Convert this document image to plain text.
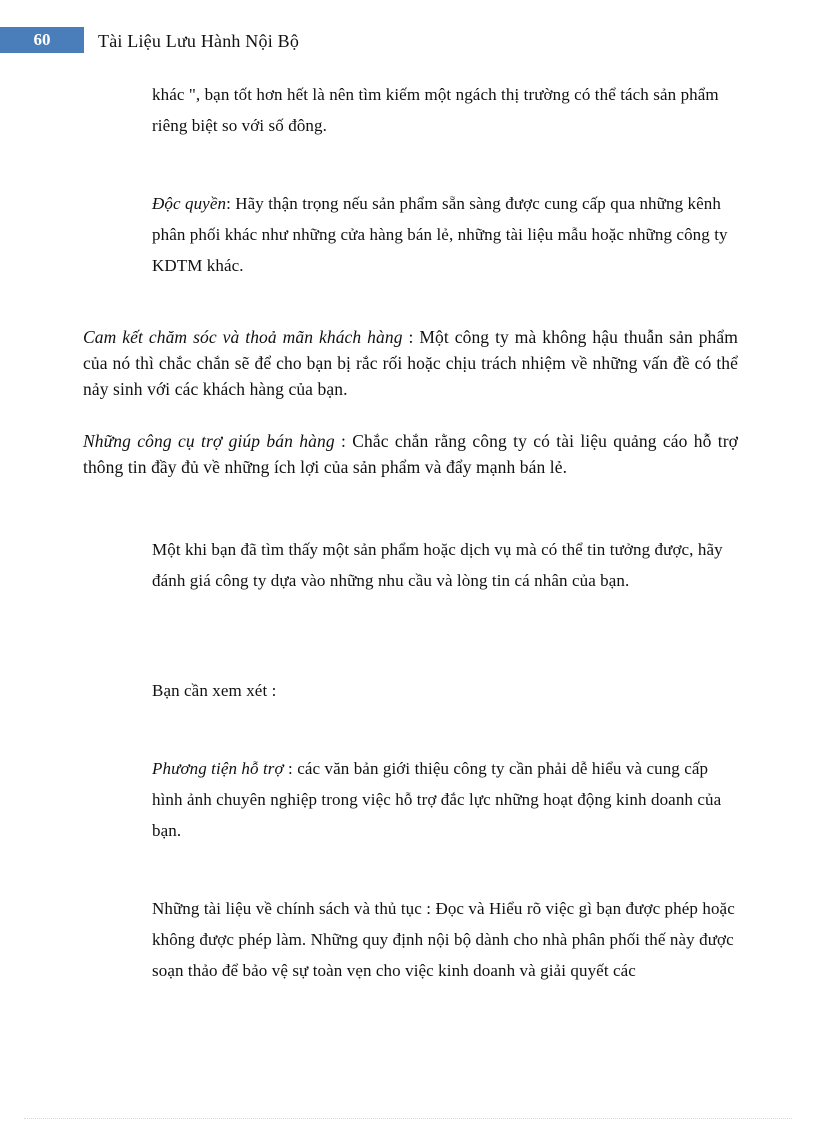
60	Tài Liệu Lưu Hành Nội Bộ

khác ", bạn tốt hơn hết là nên tìm kiếm một ngách thị trường có thể tách sản phẩm riêng biệt so với số đông.

Độc quyền: Hãy thận trọng nếu sản phẩm sẵn sàng được cung cấp qua những kênh phân phối khác như những cửa hàng bán lẻ, những tài liệu mẫu hoặc những công ty KDTM khác.

Cam kết chăm sóc và thoả mãn khách hàng : Một công ty mà không hậu thuẫn sản phẩm của nó thì chắc chắn sẽ để cho bạn bị rắc rối hoặc chịu trách nhiệm về những vấn đề có thể nảy sinh với các khách hàng của bạn.

Những công cụ trợ giúp bán hàng : Chắc chắn rằng công ty có tài liệu quảng cáo hỗ trợ thông tin đầy đủ về những ích lợi của sản phẩm và đẩy mạnh bán lẻ.

Một khi bạn đã tìm thấy một sản phẩm hoặc dịch vụ mà có thể tin tưởng được, hãy đánh giá công ty dựa vào những nhu cầu và lòng tin cá nhân của bạn.

Bạn cần xem xét :

Phương tiện hỗ trợ : các văn bản giới thiệu công ty cần phải dễ hiểu và cung cấp hình ảnh chuyên nghiệp trong việc hỗ trợ đắc lực những hoạt động kinh doanh của bạn.

Những tài liệu về chính sách và thủ tục : Đọc và Hiểu rõ việc gì bạn được phép hoặc không được phép làm. Những quy định nội bộ dành cho nhà phân phối thế này được soạn thảo để bảo vệ sự toàn vẹn cho việc kinh doanh và giải quyết các
